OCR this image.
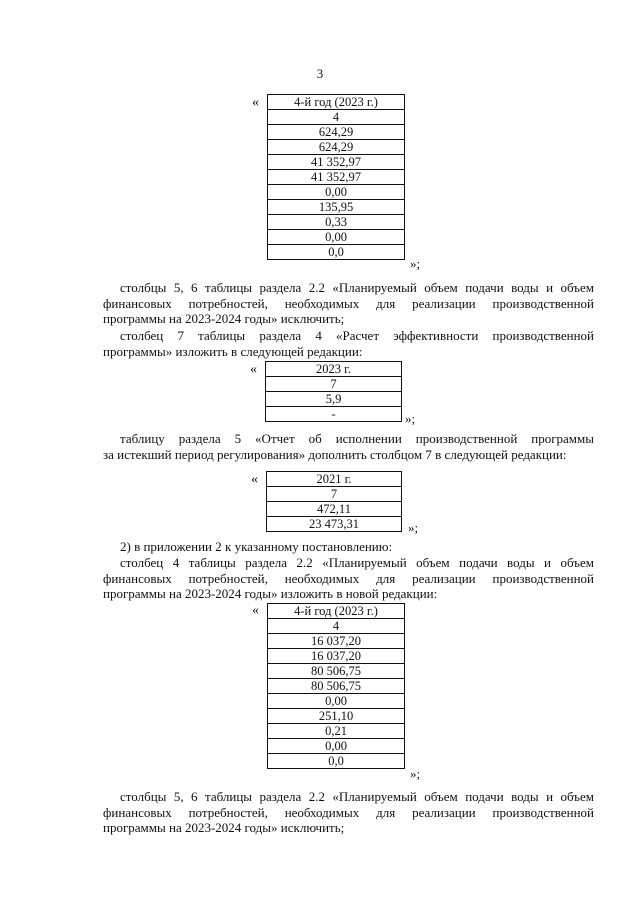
3
«	4-й год (2023 г.)
4
624,29
624,29
41 352,97
41 352,97
0,00
135,95
0,33
0,00
0,0
»;
столбцы 5, 6 таблицы раздела 2.2 «Планируемый объем подачи воды и объем
финансовых потребностей, необходимых для реализации производственной
программы на 2023-2024 годы» исключить;
столбец 7 таблицы раздела 4 «Расчет эффективности производственной
программы» изложить в следующей редакции:
«	2023 г.
7
5,9
-	»;
таблицу раздела 5 «Отчет об исполнении производственной программы
за истекший период регулирования» дополнить столбцом 7 в следующей редакции:
«	2021 г.
7
472,11
23 473,31	»;
2) в приложении 2 к указанному постановлению:
столбец 4 таблицы раздела 2.2 «Планируемый объем подачи воды и объем
финансовых потребностей, необходимых для реализации производственной
программы на 2023-2024 годы» изложить в новой редакции:
«	4-й год (2023 г.)
4
16 037,20
16 037,20
80 506,75
80 506,75
0,00
251,10
0,21
0,00
0,0
»;
столбцы 5, 6 таблицы раздела 2.2 «Планируемый объем подачи воды и объем
финансовых потребностей, необходимых для реализации производственной
программы на 2023-2024 годы» исключить;
